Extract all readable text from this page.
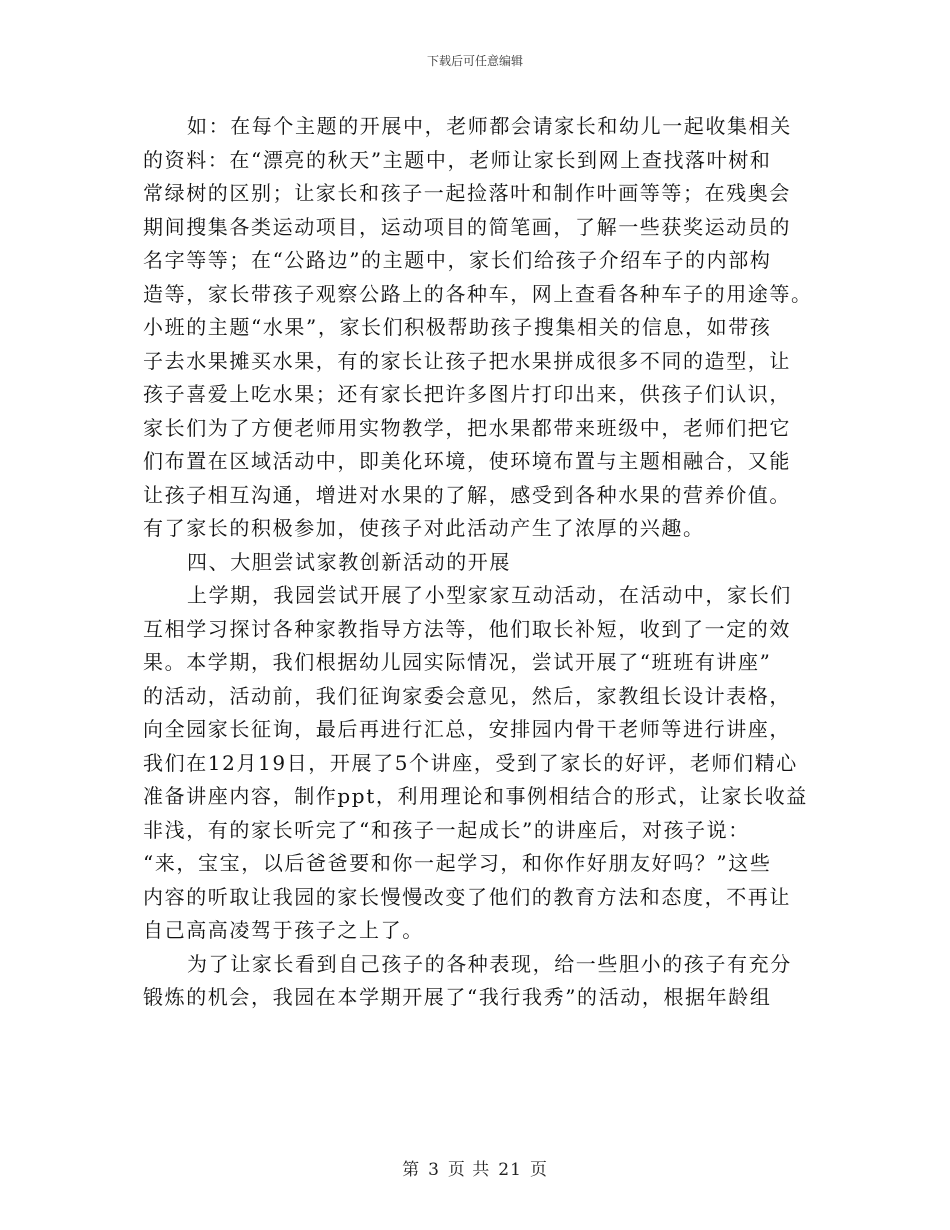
下载后可任意编辑

如：在每个主题的开展中，老师都会请家长和幼儿一起收集相关
的资料：在“漂亮的秋天”主题中，老师让家长到网上查找落叶树和
常绿树的区别；让家长和孩子一起捡落叶和制作叶画等等；在残奥会
期间搜集各类运动项目，运动项目的简笔画，了解一些获奖运动员的
名字等等；在“公路边”的主题中，家长们给孩子介绍车子的内部构
造等，家长带孩子观察公路上的各种车，网上查看各种车子的用途等。
小班的主题“水果”，家长们积极帮助孩子搜集相关的信息，如带孩
子去水果摊买水果，有的家长让孩子把水果拼成很多不同的造型，让
孩子喜爱上吃水果；还有家长把许多图片打印出来，供孩子们认识，
家长们为了方便老师用实物教学，把水果都带来班级中，老师们把它
们布置在区域活动中，即美化环境，使环境布置与主题相融合，又能
让孩子相互沟通，增进对水果的了解，感受到各种水果的营养价值。
有了家长的积极参加，使孩子对此活动产生了浓厚的兴趣。

四、大胆尝试家教创新活动的开展

上学期，我园尝试开展了小型家家互动活动，在活动中，家长们
互相学习探讨各种家教指导方法等，他们取长补短，收到了一定的效
果。本学期，我们根据幼儿园实际情况，尝试开展了“班班有讲座”
的活动，活动前，我们征询家委会意见，然后，家教组长设计表格，
向全园家长征询，最后再进行汇总，安排园内骨干老师等进行讲座，
我们在12月19日，开展了5个讲座，受到了家长的好评，老师们精心
准备讲座内容，制作ppt，利用理论和事例相结合的形式，让家长收益
非浅，有的家长听完了“和孩子一起成长”的讲座后，对孩子说：
“来，宝宝，以后爸爸要和你一起学习，和你作好朋友好吗？”这些
内容的听取让我园的家长慢慢改变了他们的教育方法和态度，不再让
自己高高凌驾于孩子之上了。

为了让家长看到自己孩子的各种表现，给一些胆小的孩子有充分
锻炼的机会，我园在本学期开展了“我行我秀”的活动，根据年龄组

第 3 页 共 21 页
